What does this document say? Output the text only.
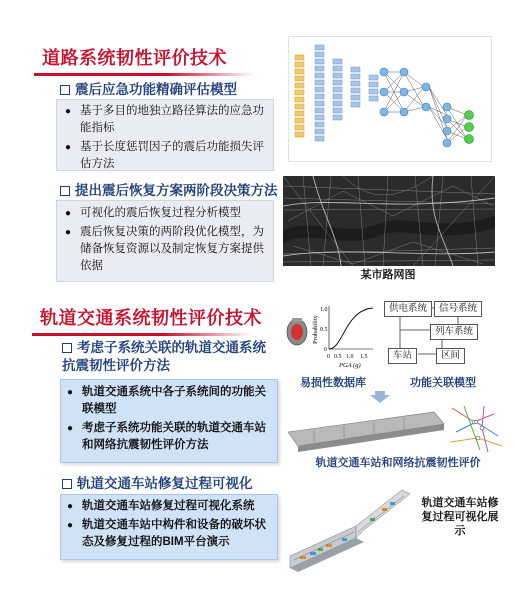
道路系统韧性评价技术
震后应急功能精确评估模型
● 基于多目的地独立路径算法的应急功能指标
● 基于长度惩罚因子的震后功能损失评估方法
提出震后恢复方案两阶段决策方法
● 可视化的震后恢复过程分析模型
● 震后恢复决策的两阶段优化模型，为储备恢复资源以及制定恢复方案提供依据
某市路网图
轨道交通系统韧性评价技术
考虑子系统关联的轨道交通系统抗震韧性评价方法
● 轨道交通系统中各子系统间的功能关联模型
● 考虑子系统功能关联的轨道交通车站和网络抗震韧性评价方法
轨道交通车站修复过程可视化
● 轨道交通车站修复过程可视化系统
● 轨道交通车站中构件和设备的破坏状态及修复过程的BIM平台演示
Probability
1.0
0.5
0
0 0.5 1.0 1.5
PGA (g)
易损性数据库
供电系统	信号系统
列车系统
车站	区间
功能关联模型
轨道交通车站和网络抗震韧性评价
轨道交通车站修复过程可视化展示
